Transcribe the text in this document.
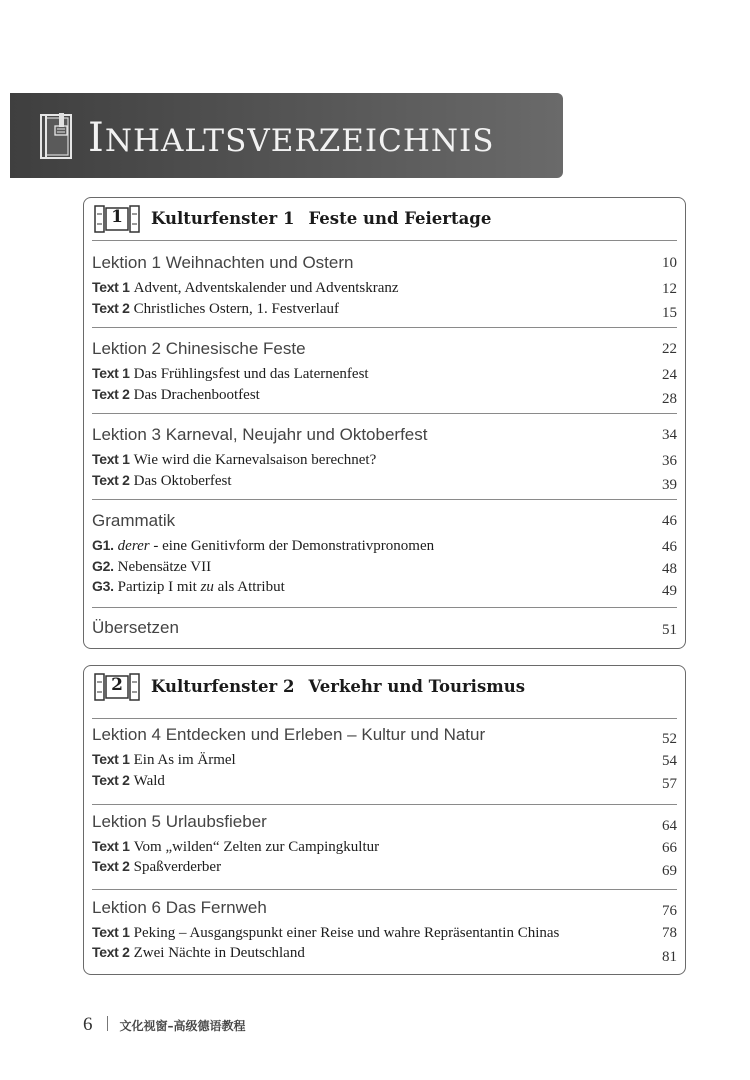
INHALTSVERZEICHNIS
1	Kulturfenster 1 Feste und Feiertage
Lektion 1 Weihnachten und Ostern	10
Text 1 Advent, Adventskalender und Adventskranz	12
Text 2 Christliches Ostern, 1. Festverlauf	15
Lektion 2 Chinesische Feste	22
Text 1 Das Frühlingsfest und das Laternenfest	24
Text 2 Das Drachenbootfest	28
Lektion 3 Karneval, Neujahr und Oktoberfest	34
Text 1 Wie wird die Karnevalsaison berechnet?	36
Text 2 Das Oktoberfest	39
Grammatik	46
G1. derer - eine Genitivform der Demonstrativpronomen	46
G2. Nebensätze VII	48
G3. Partizip I mit zu als Attribut	49
Übersetzen	51
2	Kulturfenster 2 Verkehr und Tourismus
Lektion 4 Entdecken und Erleben – Kultur und Natur	52
Text 1 Ein As im Ärmel	54
Text 2 Wald	57
Lektion 5 Urlaubsfieber	64
Text 1 Vom „wilden“ Zelten zur Campingkultur	66
Text 2 Spaßverderber	69
Lektion 6 Das Fernweh	76
Text 1 Peking – Ausgangspunkt einer Reise und wahre Repräsentantin Chinas	78
Text 2 Zwei Nächte in Deutschland	81
6 文化视窗–高级德语教程
